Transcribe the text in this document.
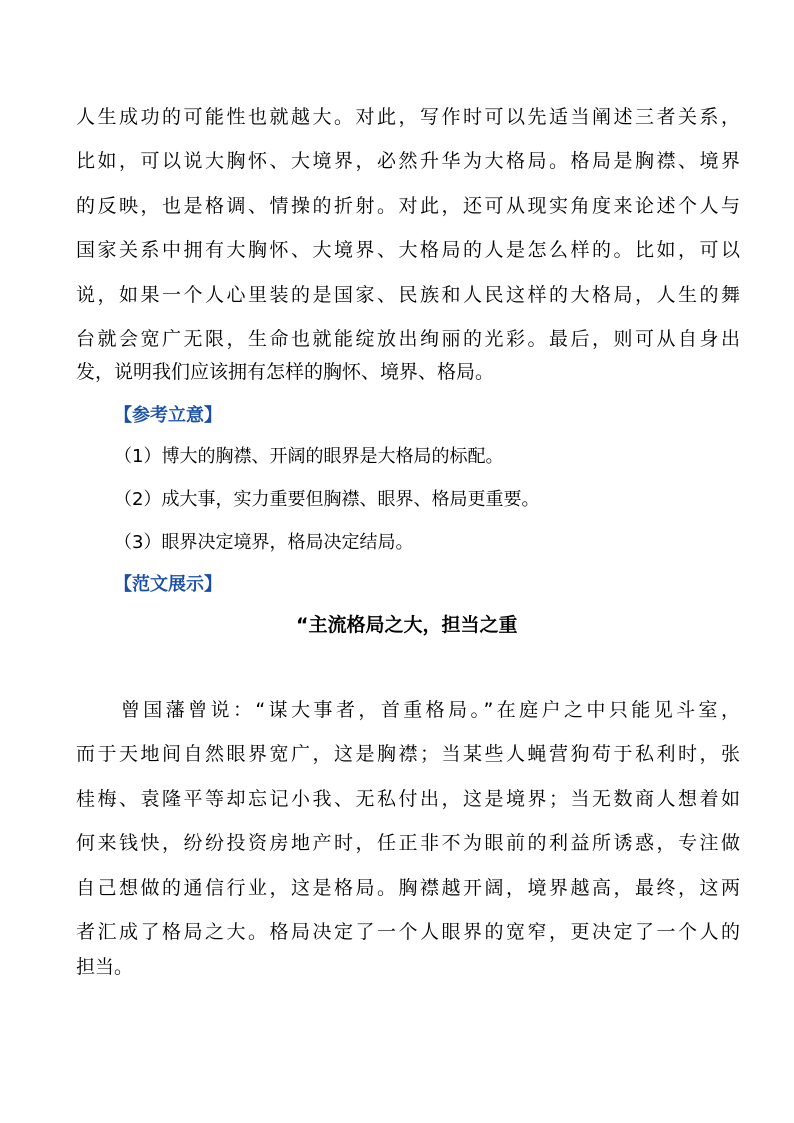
人生成功的可能性也就越大。对此，写作时可以先适当阐述三者关系，
比如，可以说大胸怀、大境界，必然升华为大格局。格局是胸襟、境界
的反映，也是格调、情操的折射。对此，还可从现实角度来论述个人与
国家关系中拥有大胸怀、大境界、大格局的人是怎么样的。比如，可以
说，如果一个人心里装的是国家、民族和人民这样的大格局，人生的舞
台就会宽广无限，生命也就能绽放出绚丽的光彩。最后，则可从自身出
发，说明我们应该拥有怎样的胸怀、境界、格局。
【参考立意】
（1）博大的胸襟、开阔的眼界是大格局的标配。
（2）成大事，实力重要但胸襟、眼界、格局更重要。
（3）眼界决定境界，格局决定结局。
【范文展示】
“主流格局之大，担当之重
　　曾国藩曾说：“谋大事者，首重格局。”在庭户之中只能见斗室，
而于天地间自然眼界宽广，这是胸襟；当某些人蝇营狗苟于私利时，张
桂梅、袁隆平等却忘记小我、无私付出，这是境界；当无数商人想着如
何来钱快，纷纷投资房地产时，任正非不为眼前的利益所诱惑，专注做
自己想做的通信行业，这是格局。胸襟越开阔，境界越高，最终，这两
者汇成了格局之大。格局决定了一个人眼界的宽窄，更决定了一个人的
担当。
